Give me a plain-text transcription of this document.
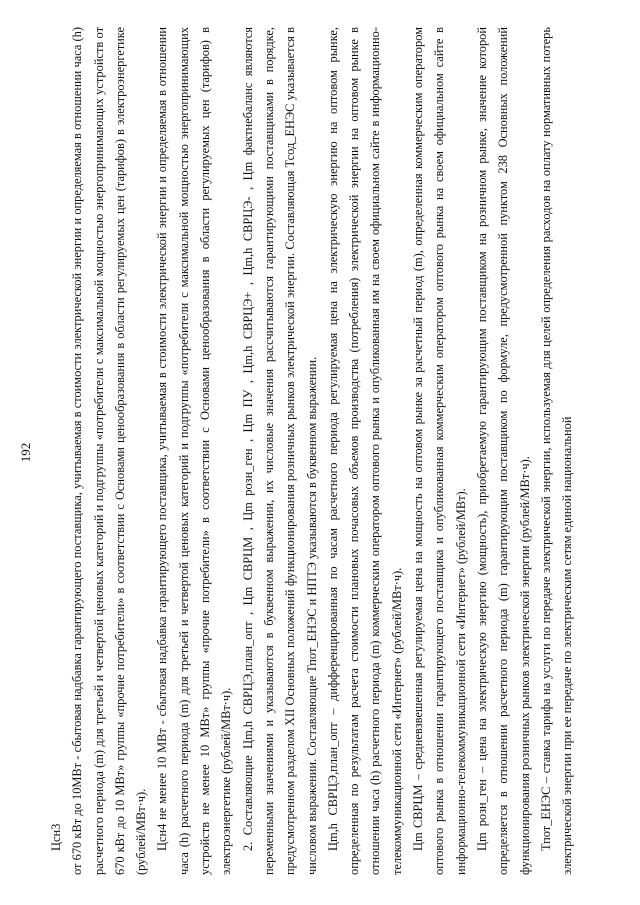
192

Цсн3 от 670 кВт до 10МВт - сбытовая надбавка гарантирующего поставщика, учитываемая в стоимости электрической энергии и определяемая в отношении часа (h) расчетного периода (m) для третьей и четвертой ценовых категорий и подгруппы «потребители с максимальной мощностью энергопринимающих устройств от 670 кВт до 10 МВт» группы «прочие потребители» в соответствии с Основами ценообразования в области регулируемых цен (тарифов) в электроэнергетике (рублей/МВт·ч). Цсн4 не менее 10 МВт - сбытовая надбавка гарантирующего поставщика, учитываемая в стоимости электрической энергии и определяемая в отношении часа (h) расчетного периода (m) для третьей и четвертой ценовых категорий и подгруппы «потребители с максимальной мощностью энергопринимающих устройств не менее 10 МВт» группы «прочие потребители» в соответствии с Основами ценообразования в области регулируемых цен (тарифов) в электроэнергетике (рублей/МВт·ч). 2. Составляющие Цm,h СВРЦЭ,план_опт , Цm СВРЦМ , Цm розн_ген , Цm ПУ , Цm,h СВРЦЭ+ , Цm,h СВРЦЭ- , Цm фактнебаланс являются переменными значениями и указываются в буквенном выражении, их числовые значения рассчитываются гарантирующими поставщиками в порядке, предусмотренном разделом XII Основных положений функционирования розничных рынков электрической энергии. Составляющая Тсод_ЕНЭС указывается в числовом выражении. Составляющие Тпот_ЕНЭС и НПТЭ указываются в буквенном выражении. Цm,h СВРЦЭ,план_опт – дифференцированная по часам расчетного периода регулируемая цена на электрическую энергию на оптовом рынке, определенная по результатам расчета стоимости плановых почасовых объемов производства (потребления) электрической энергии на оптовом рынке в отношении часа (h) расчетного периода (m) коммерческим оператором оптового рынка и опубликованная им на своем официальном сайте в информационно-телекоммуникационной сети «Интернет» (рублей/МВт·ч). Цm СВРЦМ – средневзвешенная регулируемая цена на мощность на оптовом рынке за расчетный период (m), определенная коммерческим оператором оптового рынка в отношении гарантирующего поставщика и опубликованная коммерческим оператором оптового рынка на своем официальном сайте в информационно-телекоммуникационной сети «Интернет» (рублей/МВт). Цm розн_ген – цена на электрическую энергию (мощность), приобретаемую гарантирующим поставщиком на розничном рынке, значение которой определяется в отношении расчетного периода (m) гарантирующим поставщиком по формуле, предусмотренной пунктом 238 Основных положений функционирования розничных рынков электрической энергии (рублей/МВт·ч). Тпот_ЕНЭС – ставка тарифа на услуги по передаче электрической энергии, используемая для целей определения расходов на оплату нормативных потерь электрической энергии при ее передаче по электрическим сетям единой национальной
